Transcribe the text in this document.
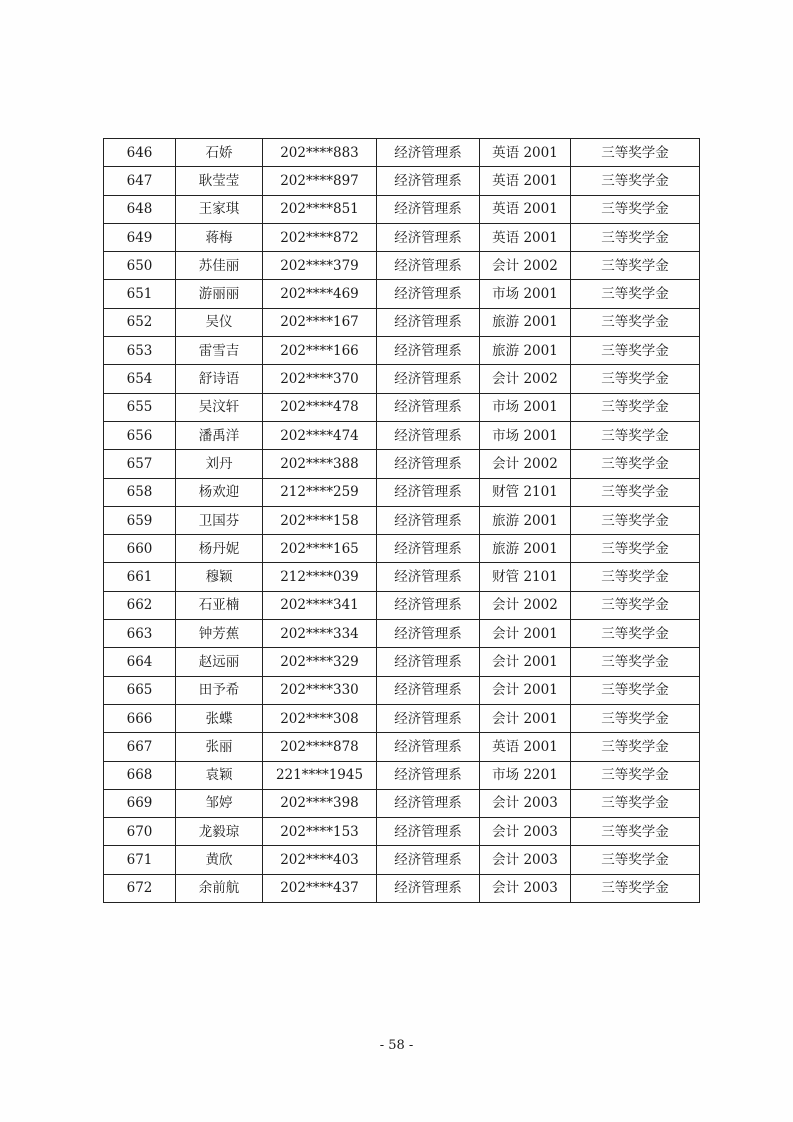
646	石娇	202****883	经济管理系	英语 2001	三等奖学金
647	耿莹莹	202****897	经济管理系	英语 2001	三等奖学金
648	王家琪	202****851	经济管理系	英语 2001	三等奖学金
649	蒋梅	202****872	经济管理系	英语 2001	三等奖学金
650	苏佳丽	202****379	经济管理系	会计 2002	三等奖学金
651	游丽丽	202****469	经济管理系	市场 2001	三等奖学金
652	吴仪	202****167	经济管理系	旅游 2001	三等奖学金
653	雷雪吉	202****166	经济管理系	旅游 2001	三等奖学金
654	舒诗语	202****370	经济管理系	会计 2002	三等奖学金
655	吴汶轩	202****478	经济管理系	市场 2001	三等奖学金
656	潘禹洋	202****474	经济管理系	市场 2001	三等奖学金
657	刘丹	202****388	经济管理系	会计 2002	三等奖学金
658	杨欢迎	212****259	经济管理系	财管 2101	三等奖学金
659	卫国芬	202****158	经济管理系	旅游 2001	三等奖学金
660	杨丹妮	202****165	经济管理系	旅游 2001	三等奖学金
661	穆颖	212****039	经济管理系	财管 2101	三等奖学金
662	石亚楠	202****341	经济管理系	会计 2002	三等奖学金
663	钟芳蕉	202****334	经济管理系	会计 2001	三等奖学金
664	赵远丽	202****329	经济管理系	会计 2001	三等奖学金
665	田予希	202****330	经济管理系	会计 2001	三等奖学金
666	张蝶	202****308	经济管理系	会计 2001	三等奖学金
667	张丽	202****878	经济管理系	英语 2001	三等奖学金
668	袁颖	221****1945	经济管理系	市场 2201	三等奖学金
669	邹婷	202****398	经济管理系	会计 2003	三等奖学金
670	龙毅琼	202****153	经济管理系	会计 2003	三等奖学金
671	黄欣	202****403	经济管理系	会计 2003	三等奖学金
672	余前航	202****437	经济管理系	会计 2003	三等奖学金
- 58 -
